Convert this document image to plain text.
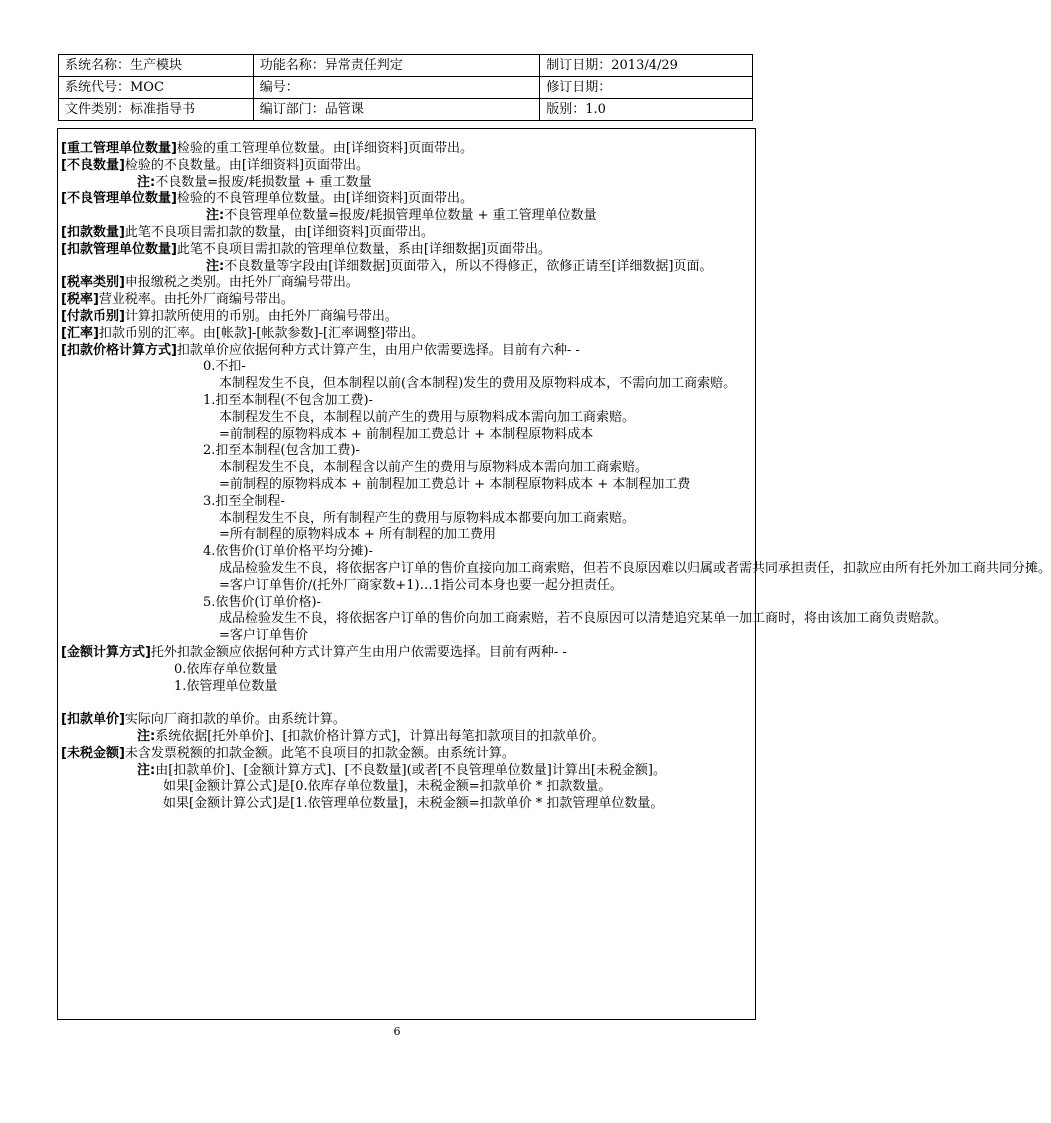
系统名称：生产模块	功能名称：异常责任判定	制订日期：2013/4/29
系统代号：MOC	编号：	修订日期：
文件类别：标准指导书	编订部门：品管课	版别：1.0
[重工管理单位数量]检验的重工管理单位数量。由[详细资料]页面带出。
[不良数量]检验的不良数量。由[详细资料]页面带出。
注:不良数量=报废/耗损数量 + 重工数量
[不良管理单位数量]检验的不良管理单位数量。由[详细资料]页面带出。
注:不良管理单位数量=报废/耗损管理单位数量 + 重工管理单位数量
[扣款数量]此笔不良项目需扣款的数量，由[详细资料]页面带出。
[扣款管理单位数量]此笔不良项目需扣款的管理单位数量，系由[详细数据]页面带出。
注:不良数量等字段由[详细数据]页面带入，所以不得修正，欲修正请至[详细数据]页面。
[税率类别]申报缴税之类别。由托外厂商编号带出。
[税率]营业税率。由托外厂商编号带出。
[付款币别]计算扣款所使用的币别。由托外厂商编号带出。
[汇率]扣款币别的汇率。由[帐款]-[帐款参数]-[汇率调整]带出。
[扣款价格计算方式]扣款单价应依据何种方式计算产生，由用户依需要选择。目前有六种- -
0.不扣-
本制程发生不良，但本制程以前(含本制程)发生的费用及原物料成本，不需向加工商索赔。
1.扣至本制程(不包含加工费)-
本制程发生不良，本制程以前产生的费用与原物料成本需向加工商索赔。
=前制程的原物料成本 + 前制程加工费总计 + 本制程原物料成本
2.扣至本制程(包含加工费)-
本制程发生不良，本制程含以前产生的费用与原物料成本需向加工商索赔。
=前制程的原物料成本 + 前制程加工费总计 + 本制程原物料成本 + 本制程加工费
3.扣至全制程-
本制程发生不良，所有制程产生的费用与原物料成本都要向加工商索赔。
=所有制程的原物料成本 + 所有制程的加工费用
4.依售价(订单价格平均分摊)-
成品检验发生不良，将依据客户订单的售价直接向加工商索赔，但若不良原因难以归属或者需共同承担责任，扣款应由所有托外加工商共同分摊。
=客户订单售价/(托外厂商家数+1)…1指公司本身也要一起分担责任。
5.依售价(订单价格)-
成品检验发生不良，将依据客户订单的售价向加工商索赔，若不良原因可以清楚追究某单一加工商时，将由该加工商负责赔款。
=客户订单售价
[金额计算方式]托外扣款金额应依据何种方式计算产生由用户依需要选择。目前有两种- -
0.依库存单位数量
1.依管理单位数量
[扣款单价]实际向厂商扣款的单价。由系统计算。
注:系统依据[托外单价]、[扣款价格计算方式]，计算出每笔扣款项目的扣款单价。
[未税金额]未含发票税额的扣款金额。此笔不良项目的扣款金额。由系统计算。
注:由[扣款单价]、[金额计算方式]、[不良数量](或者[不良管理单位数量]计算出[未税金额]。
如果[金额计算公式]是[0.依库存单位数量]，未税金额=扣款单价 * 扣款数量。
如果[金额计算公式]是[1.依管理单位数量]，未税金额=扣款单价 * 扣款管理单位数量。
6
